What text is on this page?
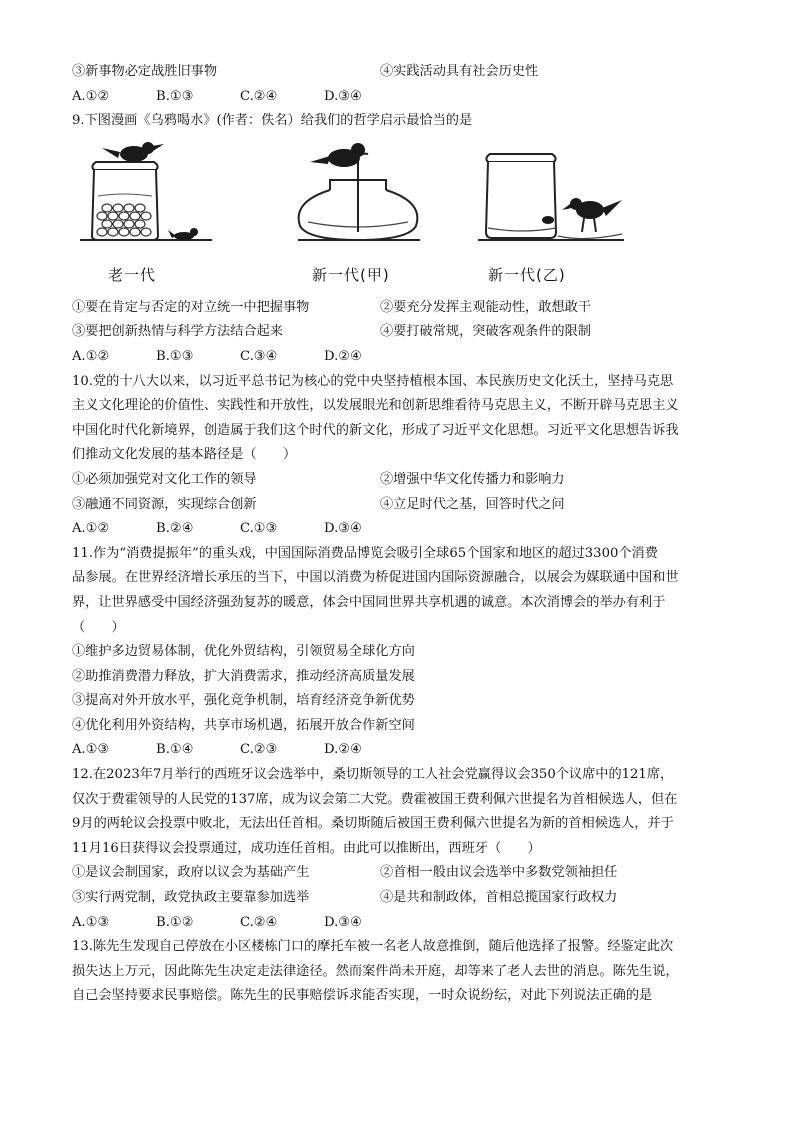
③新事物必定战胜旧事物	④实践活动具有社会历史性
A.①②	B.①③	C.②④	D.③④
9.下图漫画《乌鸦喝水》(作者：佚名）给我们的哲学启示最恰当的是
老一代	新一代(甲)	新一代(乙)
①要在肯定与否定的对立统一中把握事物	②要充分发挥主观能动性，敢想敢干
③要把创新热情与科学方法结合起来	④要打破常规，突破客观条件的限制
A.①②	B.①③	C.③④	D.②④
10.党的十八大以来，以习近平总书记为核心的党中央坚持植根本国、本民族历史文化沃土，坚持马克思
主义文化理论的价值性、实践性和开放性，以发展眼光和创新思维看待马克思主义，不断开辟马克思主义
中国化时代化新境界，创造属于我们这个时代的新文化，形成了习近平文化思想。习近平文化思想告诉我
们推动文化发展的基本路径是（　　）
①必须加强党对文化工作的领导	②增强中华文化传播力和影响力
③融通不同资源，实现综合创新	④立足时代之基，回答时代之问
A.①②	B.②④	C.①③	D.③④
11.作为“消费提振年”的重头戏，中国国际消费品博览会吸引全球65个国家和地区的超过3300个消费
品参展。在世界经济增长承压的当下，中国以消费为桥促进国内国际资源融合，以展会为媒联通中国和世
界，让世界感受中国经济强劲复苏的暖意，体会中国同世界共享机遇的诚意。本次消博会的举办有利于
（　　）
①维护多边贸易体制，优化外贸结构，引领贸易全球化方向
②助推消费潜力释放，扩大消费需求，推动经济高质量发展
③提高对外开放水平，强化竞争机制，培育经济竞争新优势
④优化利用外资结构，共享市场机遇，拓展开放合作新空间
A.①③	B.①④	C.②③	D.②④
12.在2023年7月举行的西班牙议会选举中，桑切斯领导的工人社会党赢得议会350个议席中的121席，
仅次于费霍领导的人民党的137席，成为议会第二大党。费霍被国王费利佩六世提名为首相候选人，但在
9月的两轮议会投票中败北，无法出任首相。桑切斯随后被国王费利佩六世提名为新的首相候选人，并于
11月16日获得议会投票通过，成功连任首相。由此可以推断出，西班牙（　　）
①是议会制国家，政府以议会为基础产生	②首相一般由议会选举中多数党领袖担任
③实行两党制，政党执政主要靠参加选举	④是共和制政体，首相总揽国家行政权力
A.①③	B.①②	C.②④	D.③④
13.陈先生发现自己停放在小区楼栋门口的摩托车被一名老人故意推倒，随后他选择了报警。经鉴定此次
损失达上万元，因此陈先生决定走法律途径。然而案件尚未开庭，却等来了老人去世的消息。陈先生说，
自己会坚持要求民事赔偿。陈先生的民事赔偿诉求能否实现，一时众说纷纭，对此下列说法正确的是
